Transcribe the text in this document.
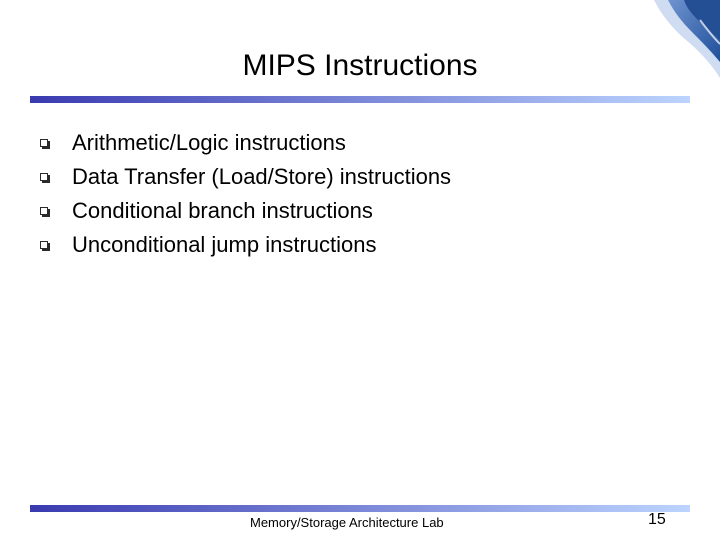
MIPS Instructions
Arithmetic/Logic instructions
Data Transfer (Load/Store) instructions
Conditional branch instructions
Unconditional jump instructions
Memory/Storage Architecture Lab	15
